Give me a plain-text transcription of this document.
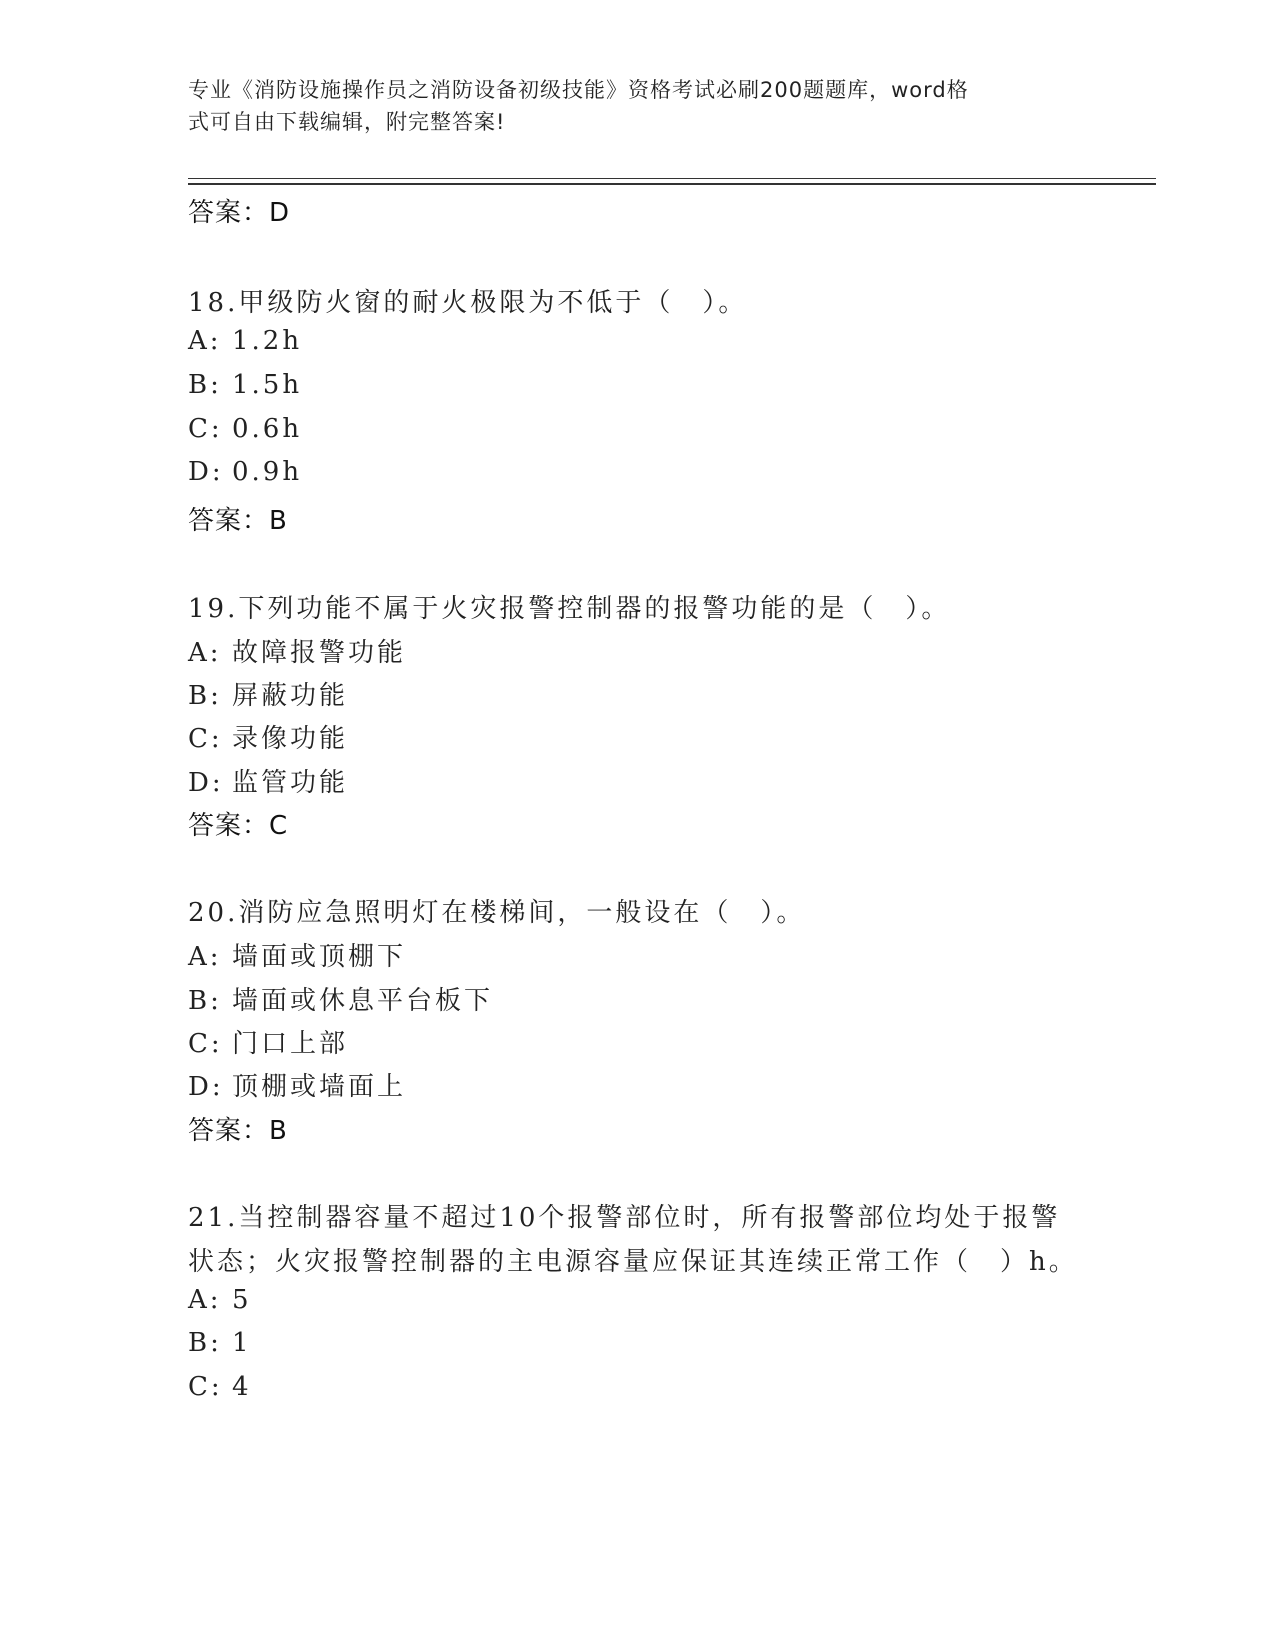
专业《消防设施操作员之消防设备初级技能》资格考试必刷200题题库，word格
式可自由下载编辑，附完整答案!
答案：D
18.甲级防火窗的耐火极限为不低于（　）。
A: 1.2h
B: 1.5h
C: 0.6h
D: 0.9h
答案：B
19.下列功能不属于火灾报警控制器的报警功能的是（　）。
A: 故障报警功能
B: 屏蔽功能
C: 录像功能
D: 监管功能
答案：C
20.消防应急照明灯在楼梯间，一般设在（　）。
A: 墙面或顶棚下
B: 墙面或休息平台板下
C: 门口上部
D: 顶棚或墙面上
答案：B
21.当控制器容量不超过10个报警部位时，所有报警部位均处于报警
状态；火灾报警控制器的主电源容量应保证其连续正常工作（　）h。
A: 5
B: 1
C: 4
